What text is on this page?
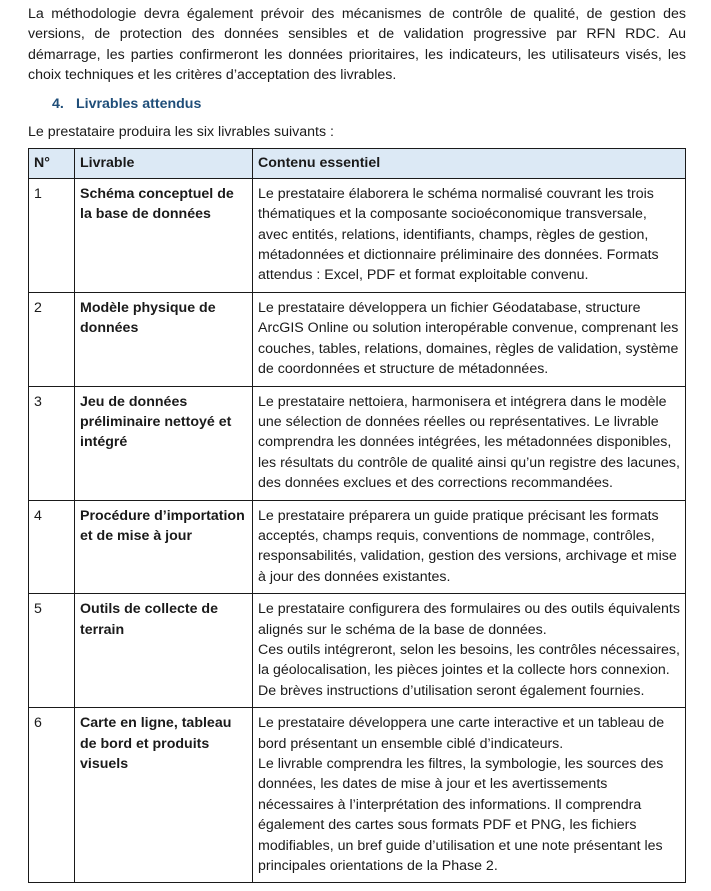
La méthodologie devra également prévoir des mécanismes de contrôle de qualité, de gestion des versions, de protection des données sensibles et de validation progressive par RFN RDC. Au démarrage, les parties confirmeront les données prioritaires, les indicateurs, les utilisateurs visés, les choix techniques et les critères d’acceptation des livrables.

4. Livrables attendus

Le prestataire produira les six livrables suivants :

N°	Livrable	Contenu essentiel
1	Schéma conceptuel de la base de données	Le prestataire élaborera le schéma normalisé couvrant les trois thématiques et la composante socioéconomique transversale, avec entités, relations, identifiants, champs, règles de gestion, métadonnées et dictionnaire préliminaire des données. Formats attendus : Excel, PDF et format exploitable convenu.

2	Modèle physique de données	Le prestataire développera un fichier Géodatabase, structure ArcGIS Online ou solution interopérable convenue, comprenant les couches, tables, relations, domaines, règles de validation, système de coordonnées et structure de métadonnées.

3	Jeu de données préliminaire nettoyé et intégré	Le prestataire nettoiera, harmonisera et intégrera dans le modèle une sélection de données réelles ou représentatives. Le livrable comprendra les données intégrées, les métadonnées disponibles, les résultats du contrôle de qualité ainsi qu’un registre des lacunes, des données exclues et des corrections recommandées.

4	Procédure d’importation et de mise à jour	Le prestataire préparera un guide pratique précisant les formats acceptés, champs requis, conventions de nommage, contrôles, responsabilités, validation, gestion des versions, archivage et mise à jour des données existantes.

5	Outils de collecte de terrain	Le prestataire configurera des formulaires ou des outils équivalents alignés sur le schéma de la base de données.
Ces outils intégreront, selon les besoins, les contrôles nécessaires, la géolocalisation, les pièces jointes et la collecte hors connexion. De brèves instructions d’utilisation seront également fournies.

6	Carte en ligne, tableau de bord et produits visuels	Le prestataire développera une carte interactive et un tableau de bord présentant un ensemble ciblé d’indicateurs.
Le livrable comprendra les filtres, la symbologie, les sources des données, les dates de mise à jour et les avertissements nécessaires à l’interprétation des informations. Il comprendra également des cartes sous formats PDF et PNG, les fichiers modifiables, un bref guide d’utilisation et une note présentant les principales orientations de la Phase 2.
